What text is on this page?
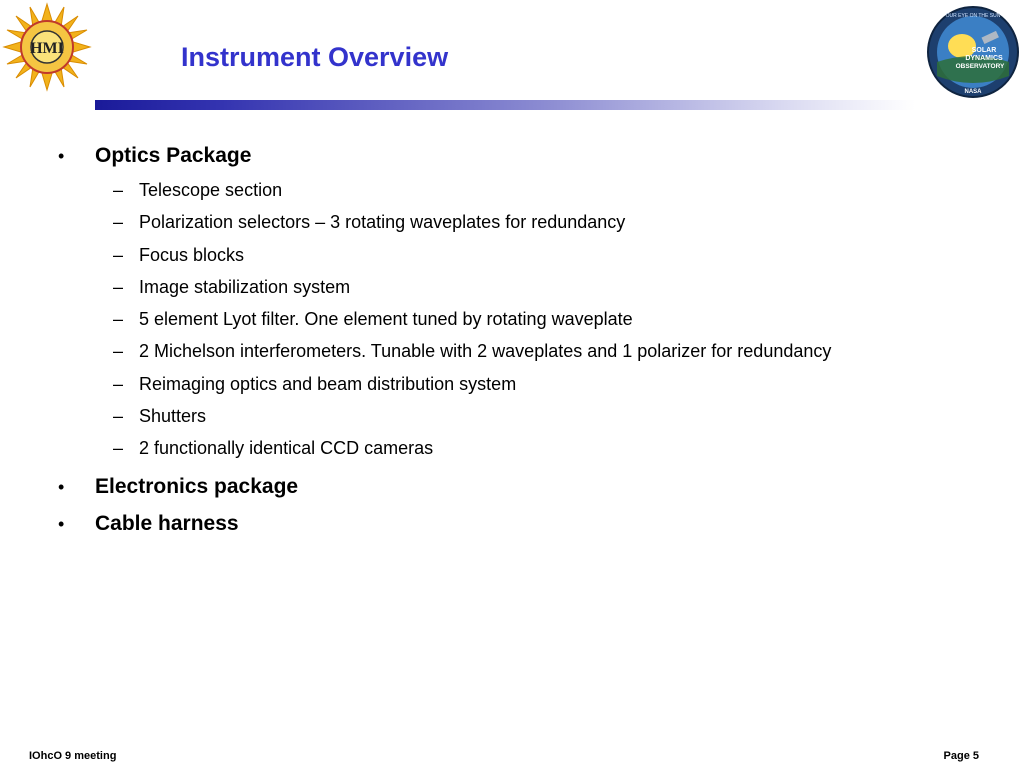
HMI	SOLAR
DYNAMICS
OBSERVATORY
OUR EYE ON THE SUN
NASA
Instrument Overview
• Optics Package
– Telescope section
– Polarization selectors – 3 rotating waveplates for redundancy
– Focus blocks
– Image stabilization system
– 5 element Lyot filter. One element tuned by rotating waveplate
– 2 Michelson interferometers. Tunable with 2 waveplates and 1 polarizer for redundancy
– Reimaging optics and beam distribution system
– Shutters
– 2 functionally identical CCD cameras
• Electronics package
• Cable harness
IOhcO 9 meeting	Page 5
